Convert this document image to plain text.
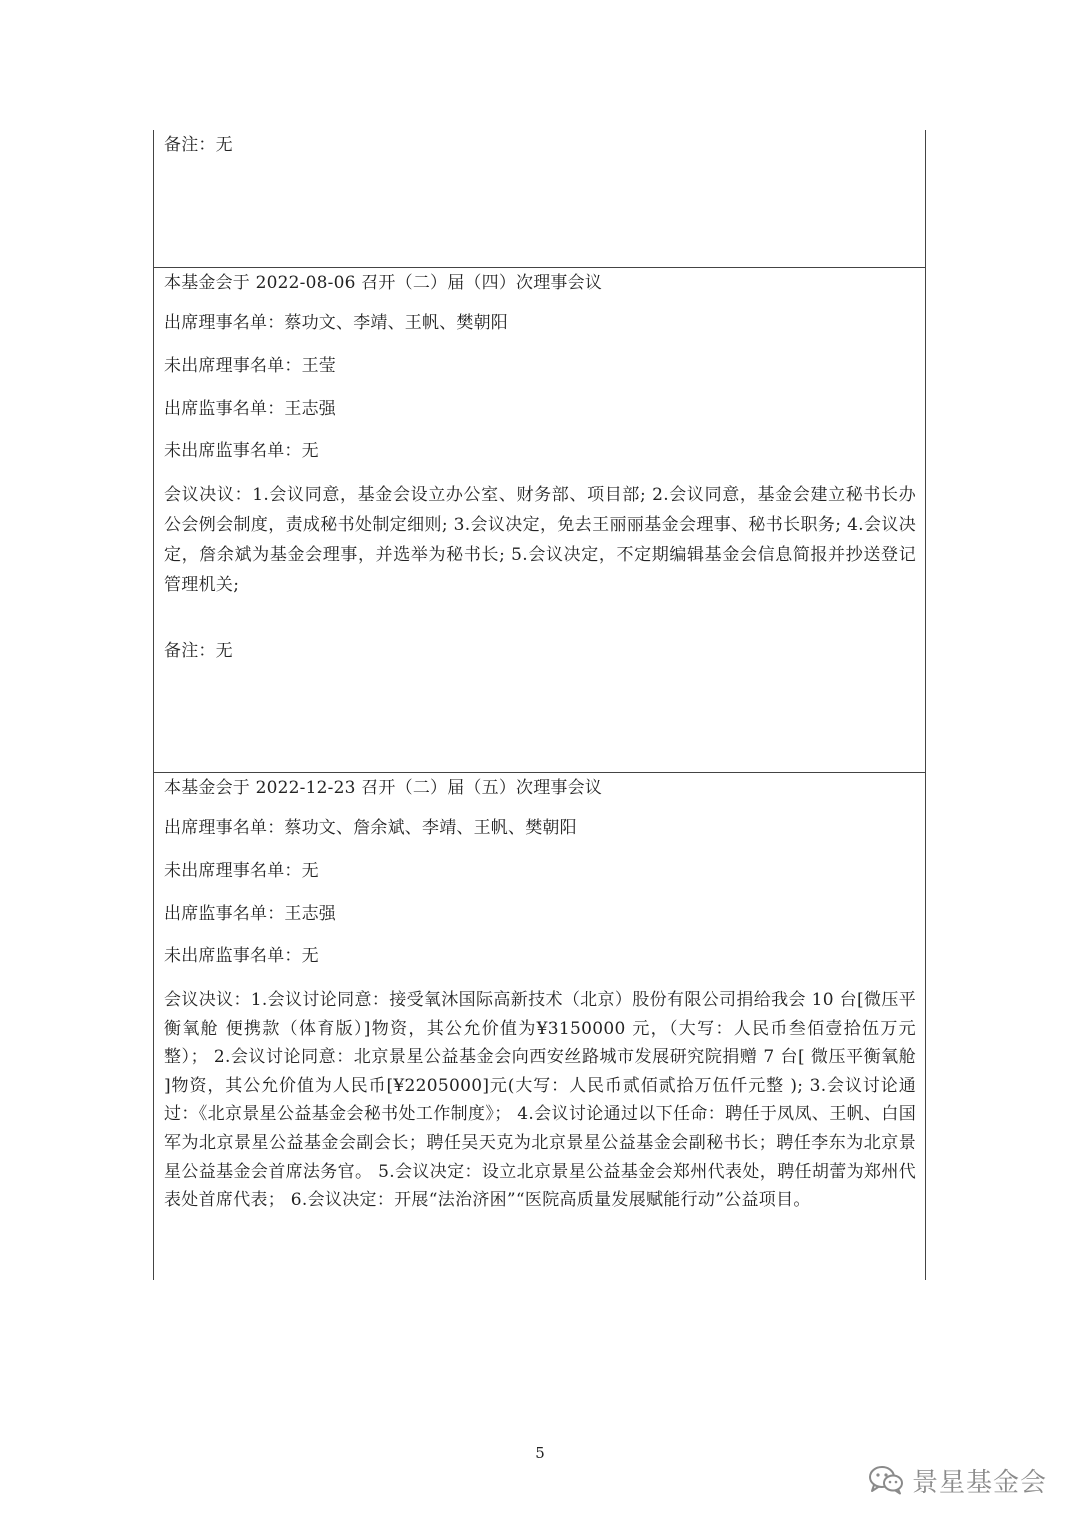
备注：无
本基金会于 2022-08-06 召开（二）届（四）次理事会议
出席理事名单：蔡功文、李靖、王帆、樊朝阳
未出席理事名单：王莹
出席监事名单：王志强
未出席监事名单：无
会议决议：1.会议同意，基金会设立办公室、财务部、项目部; 2.会议同意，基金会建立秘书长办公会例会制度，责成秘书处制定细则; 3.会议决定，免去王丽丽基金会理事、秘书长职务; 4.会议决定，詹余斌为基金会理事，并选举为秘书长; 5.会议决定，不定期编辑基金会信息简报并抄送登记管理机关;
备注：无
本基金会于 2022-12-23 召开（二）届（五）次理事会议
出席理事名单：蔡功文、詹余斌、李靖、王帆、樊朝阳
未出席理事名单：无
出席监事名单：王志强
未出席监事名单：无
会议决议：1.会议讨论同意：接受氧沐国际高新技术（北京）股份有限公司捐给我会 10 台[微压平衡氧舱 便携款（体育版）]物资，其公允价值为¥3150000 元，（大写：人民币叁佰壹拾伍万元整）； 2.会议讨论同意：北京景星公益基金会向西安丝路城市发展研究院捐赠 7 台[ 微压平衡氧舱 ]物资，其公允价值为人民币[¥2205000]元(大写：人民币贰佰贰拾万伍仟元整 ); 3.会议讨论通过：《北京景星公益基金会秘书处工作制度》； 4.会议讨论通过以下任命：聘任于凤凤、王帆、白国军为北京景星公益基金会副会长；聘任吴天克为北京景星公益基金会副秘书长；聘任李东为北京景星公益基金会首席法务官。 5.会议决定：设立北京景星公益基金会郑州代表处，聘任胡蕾为郑州代表处首席代表； 6.会议决定：开展“法治济困”“医院高质量发展赋能行动”公益项目。
5
景星基金会
